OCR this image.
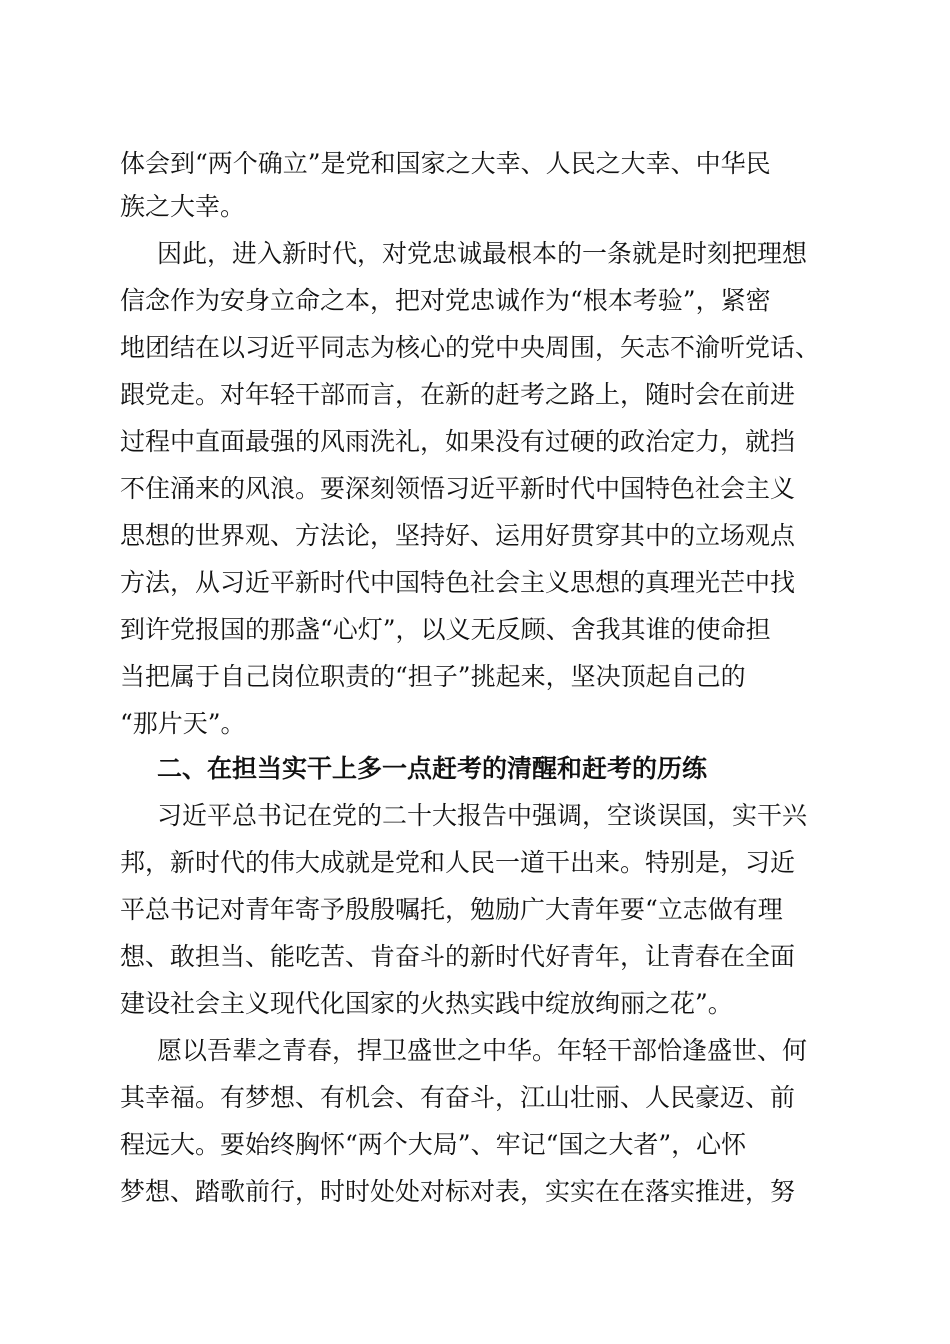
体会到“两个确立”是党和国家之大幸、人民之大幸、中华民
族之大幸。
因此，进入新时代，对党忠诚最根本的一条就是时刻把理想
信念作为安身立命之本，把对党忠诚作为“根本考验”，紧密
地团结在以习近平同志为核心的党中央周围，矢志不渝听党话、
跟党走。对年轻干部而言，在新的赶考之路上，随时会在前进
过程中直面最强的风雨洗礼，如果没有过硬的政治定力，就挡
不住涌来的风浪。要深刻领悟习近平新时代中国特色社会主义
思想的世界观、方法论，坚持好、运用好贯穿其中的立场观点
方法，从习近平新时代中国特色社会主义思想的真理光芒中找
到许党报国的那盏“心灯”，以义无反顾、舍我其谁的使命担
当把属于自己岗位职责的“担子”挑起来，坚决顶起自己的
“那片天”。
二、在担当实干上多一点赶考的清醒和赶考的历练
习近平总书记在党的二十大报告中强调，空谈误国，实干兴
邦，新时代的伟大成就是党和人民一道干出来。特别是，习近
平总书记对青年寄予殷殷嘱托，勉励广大青年要“立志做有理
想、敢担当、能吃苦、肯奋斗的新时代好青年，让青春在全面
建设社会主义现代化国家的火热实践中绽放绚丽之花”。
愿以吾辈之青春，捍卫盛世之中华。年轻干部恰逢盛世、何
其幸福。有梦想、有机会、有奋斗，江山壮丽、人民豪迈、前
程远大。要始终胸怀“两个大局”、牢记“国之大者”，心怀
梦想、踏歌前行，时时处处对标对表，实实在在落实推进，努
